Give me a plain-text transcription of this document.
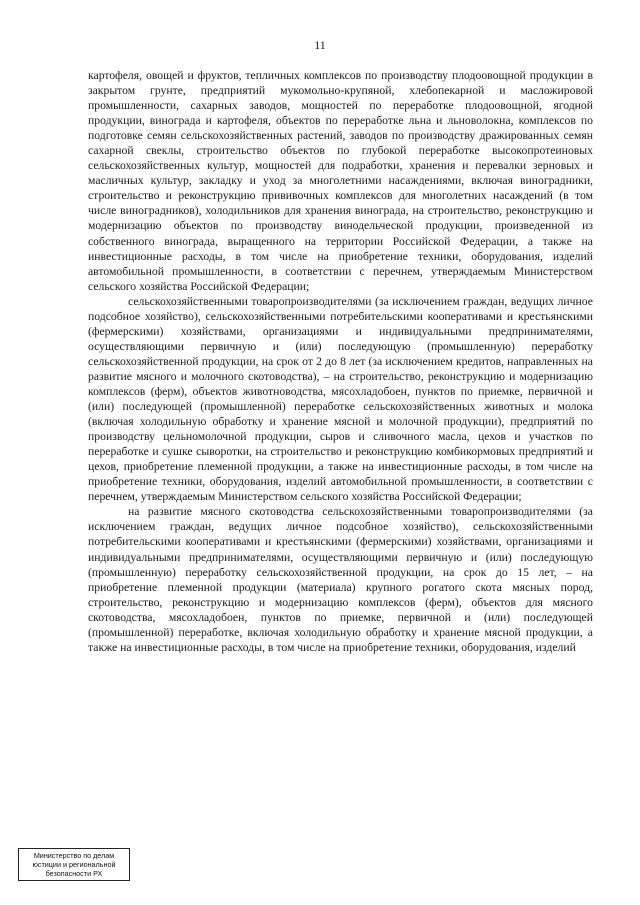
11

картофеля, овощей и фруктов, тепличных комплексов по производству плодоовощной продукции в закрытом грунте, предприятий мукомольно-крупяной, хлебопекарной и масложировой промышленности, сахарных заводов, мощностей по переработке плодоовощной, ягодной продукции, винограда и картофеля, объектов по переработке льна и льноволокна, комплексов по подготовке семян сельскохозяйственных растений, заводов по производству дражированных семян сахарной свеклы, строительство объектов по глубокой переработке высокопротеиновых сельскохозяйственных культур, мощностей для подработки, хранения и перевалки зерновых и масличных культур, закладку и уход за многолетними насаждениями, включая виноградники, строительство и реконструкцию прививочных комплексов для многолетних насаждений (в том числе виноградников), холодильников для хранения винограда, на строительство, реконструкцию и модернизацию объектов по производству винодельческой продукции, произведенной из собственного винограда, выращенного на территории Российской Федерации, а также на инвестиционные расходы, в том числе на приобретение техники, оборудования, изделий автомобильной промышленности, в соответствии с перечнем, утверждаемым Министерством сельского хозяйства Российской Федерации;

сельскохозяйственными товаропроизводителями (за исключением граждан, ведущих личное подсобное хозяйство), сельскохозяйственными потребительскими кооперативами и крестьянскими (фермерскими) хозяйствами, организациями и индивидуальными предпринимателями, осуществляющими первичную и (или) последующую (промышленную) переработку сельскохозяйственной продукции, на срок от 2 до 8 лет (за исключением кредитов, направленных на развитие мясного и молочного скотоводства), – на строительство, реконструкцию и модернизацию комплексов (ферм), объектов животноводства, мясохладобоен, пунктов по приемке, первичной и (или) последующей (промышленной) переработке сельскохозяйственных животных и молока (включая холодильную обработку и хранение мясной и молочной продукции), предприятий по производству цельномолочной продукции, сыров и сливочного масла, цехов и участков по переработке и сушке сыворотки, на строительство и реконструкцию комбикормовых предприятий и цехов, приобретение племенной продукции, а также на инвестиционные расходы, в том числе на приобретение техники, оборудования, изделий автомобильной промышленности, в соответствии с перечнем, утверждаемым Министерством сельского хозяйства Российской Федерации;

на развитие мясного скотоводства сельскохозяйственными товаропроизводителями (за исключением граждан, ведущих личное подсобное хозяйство), сельскохозяйственными потребительскими кооперативами и крестьянскими (фермерскими) хозяйствами, организациями и индивидуальными предпринимателями, осуществляющими первичную и (или) последующую (промышленную) переработку сельскохозяйственной продукции, на срок до 15 лет, – на приобретение племенной продукции (материала) крупного рогатого скота мясных пород, строительство, реконструкцию и модернизацию комплексов (ферм), объектов для мясного скотоводства, мясохладобоен, пунктов по приемке, первичной и (или) последующей (промышленной) переработке, включая холодильную обработку и хранение мясной продукции, а также на инвестиционные расходы, в том числе на приобретение техники, оборудования, изделий

Министерство по делам
юстиции и региональной
безопасности РХ
